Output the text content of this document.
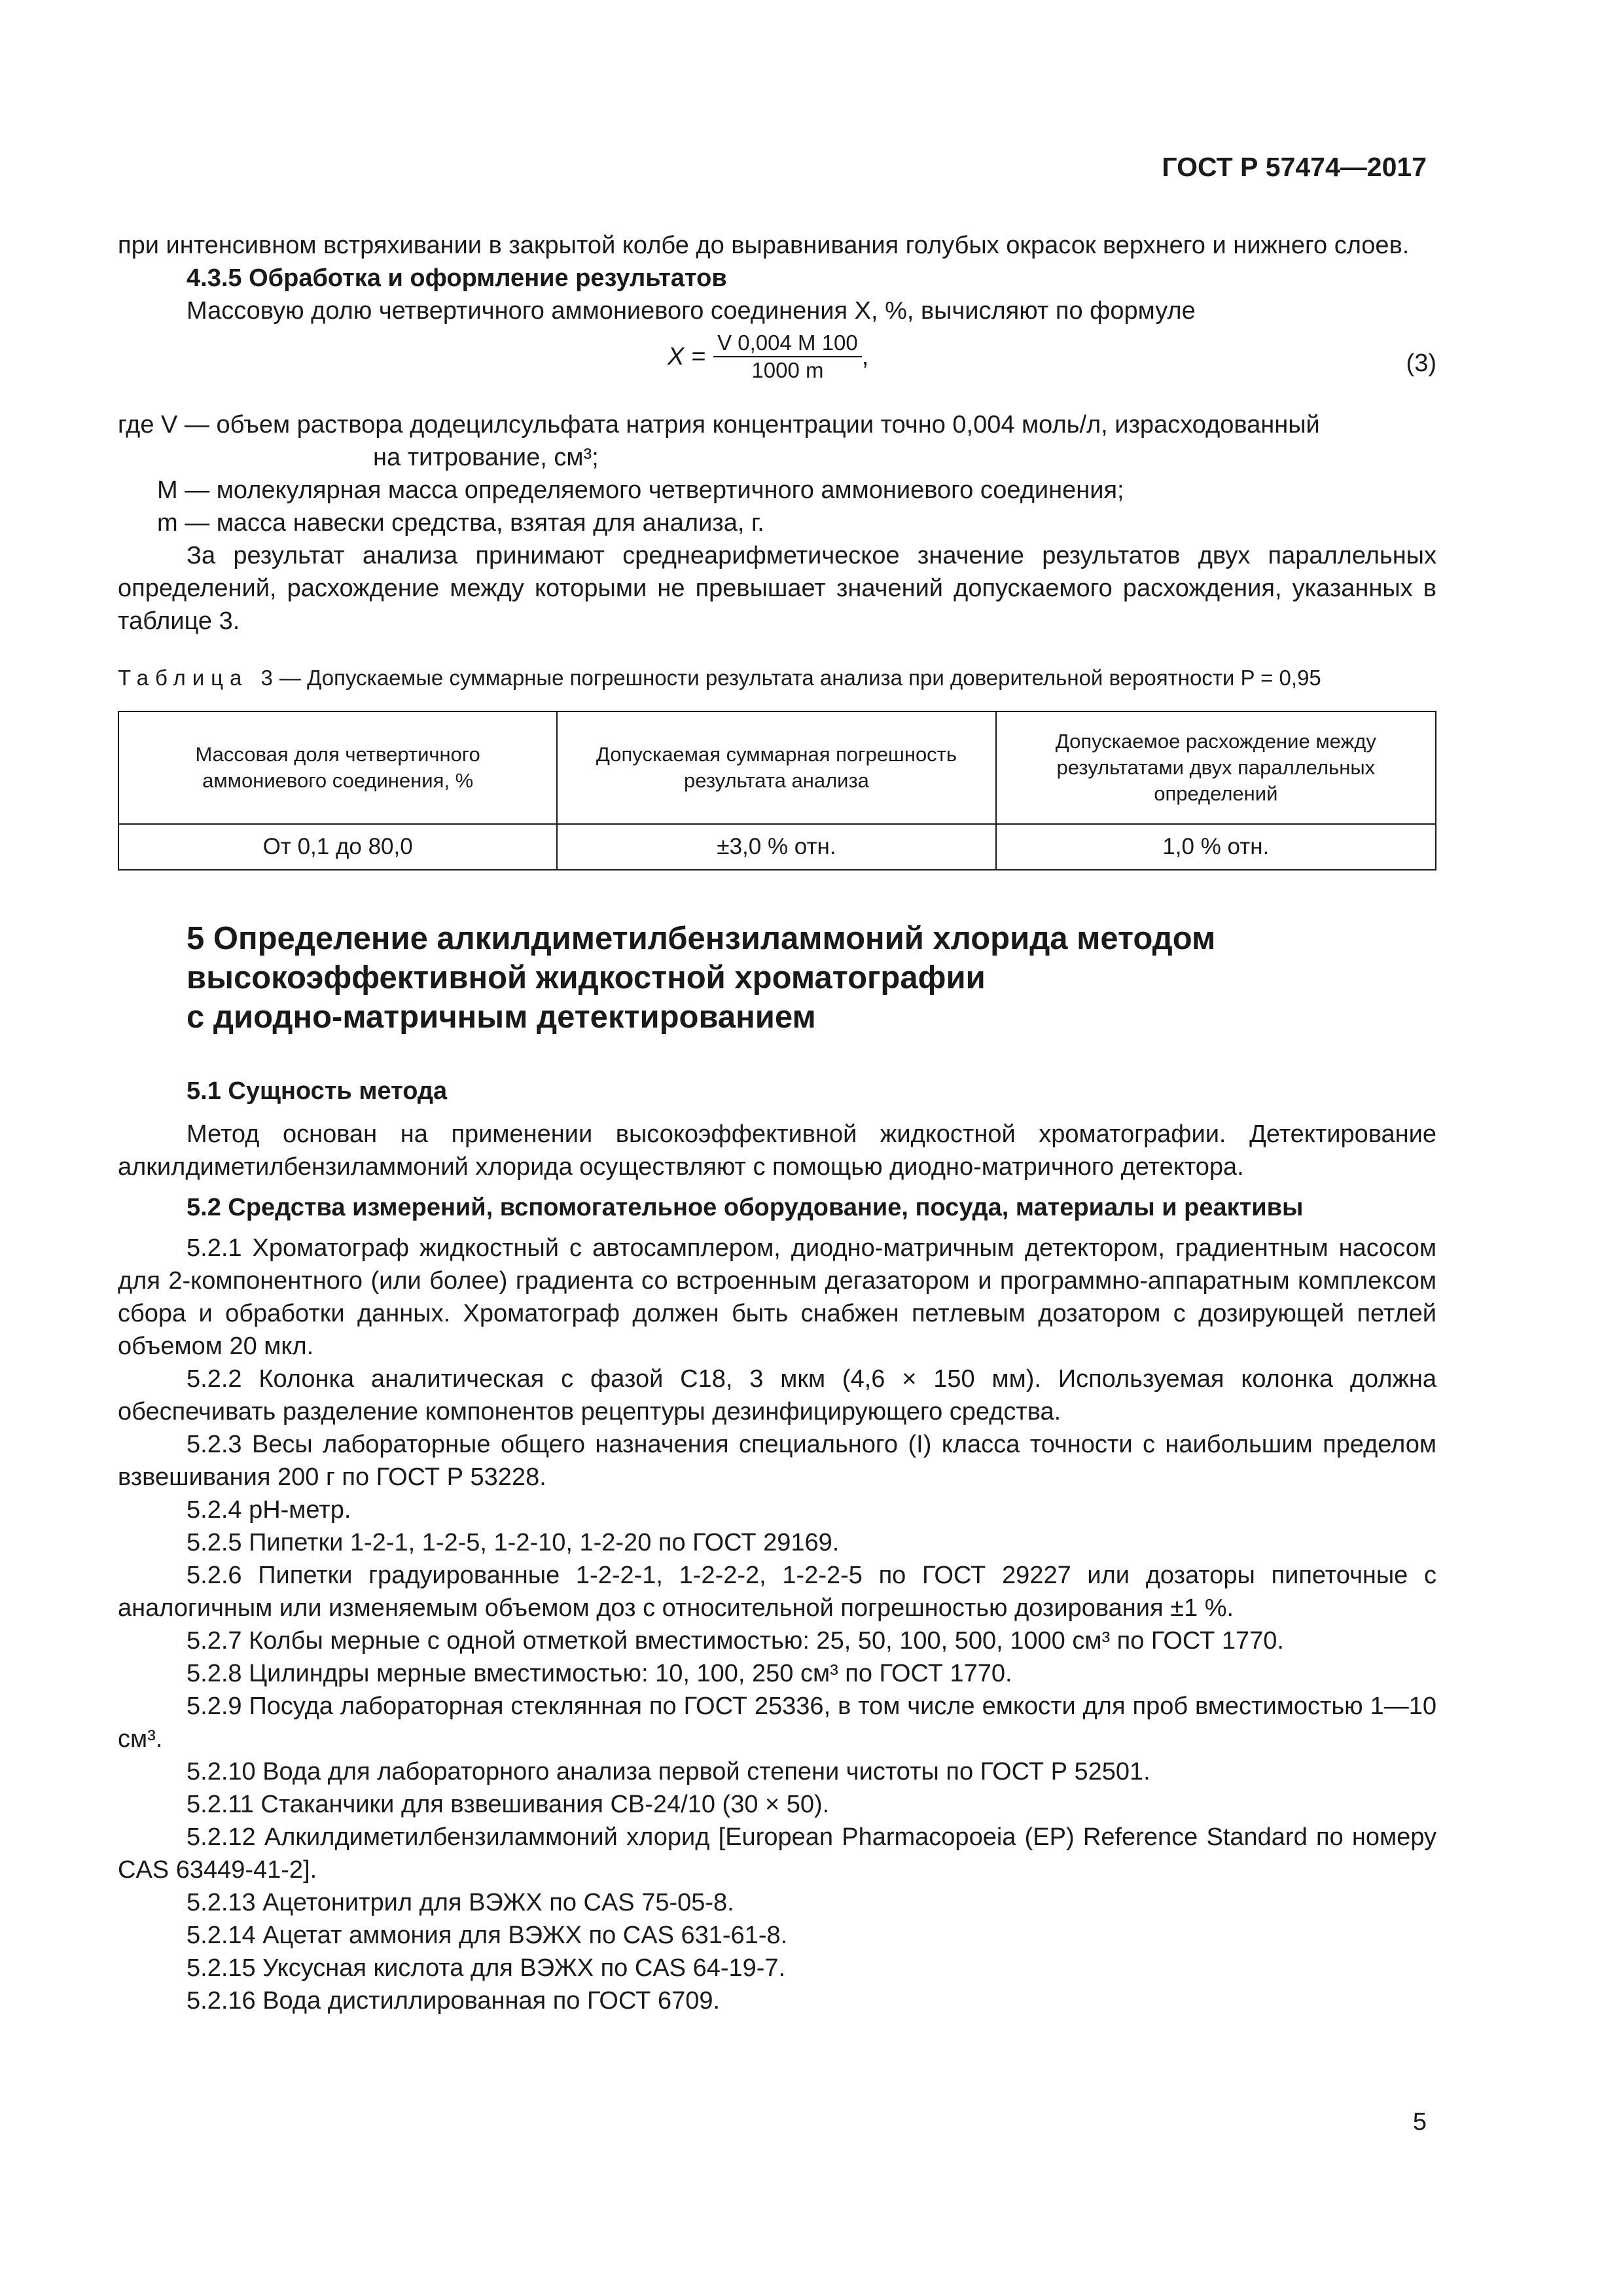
ГОСТ Р 57474—2017

при интенсивном встряхивании в закрытой колбе до выравнивания голубых окрасок верхнего и нижнего слоев.

4.3.5 Обработка и оформление результатов

Массовую долю четвертичного аммониевого соединения X, %, вычисляют по формуле

$X = \frac{V 0,004 M 100}{1000 m}$ ,	(3)

где V — объем раствора додецилсульфата натрия концентрации точно 0,004 моль/л, израсходованный

на титрование, см³;

M — молекулярная масса определяемого четвертичного аммониевого соединения;

m — масса навески средства, взятая для анализа, г.

За результат анализа принимают среднеарифметическое значение результатов двух параллельных определений, расхождение между которыми не превышает значений допускаемого расхождения, указанных в таблице 3.

Таблица 3— Допускаемые суммарные погрешности результата анализа при доверительной вероятности P = 0,95

Массовая доля четвертичного аммониевого соединения, %	Допускаемая суммарная погрешность результата анализа	Допускаемое расхождение между результатами двух параллельных определений
От 0,1 до 80,0	±3,0 % отн.	1,0 % отн.
5 Определение алкилдиметилбензиламмоний хлорида методом
высокоэффективной жидкостной хроматографии
с диодно-матричным детектированием

5.1 Сущность метода

Метод основан на применении высокоэффективной жидкостной хроматографии. Детектирование алкилдиметилбензиламмоний хлорида осуществляют с помощью диодно-матричного детектора.

5.2 Средства измерений, вспомогательное оборудование, посуда, материалы и реактивы

5.2.1 Хроматограф жидкостный с автосамплером, диодно-матричным детектором, градиентным насосом для 2-компонентного (или более) градиента со встроенным дегазатором и программно-аппаратным комплексом сбора и обработки данных. Хроматограф должен быть снабжен петлевым дозатором с дозирующей петлей объемом 20 мкл.

5.2.2 Колонка аналитическая с фазой С18, 3 мкм (4,6 × 150 мм). Используемая колонка должна обеспечивать разделение компонентов рецептуры дезинфицирующего средства.

5.2.3 Весы лабораторные общего назначения специального (I) класса точности с наибольшим пределом взвешивания 200 г по ГОСТ Р 53228.

5.2.4 pH-метр.

5.2.5 Пипетки 1-2-1, 1-2-5, 1-2-10, 1-2-20 по ГОСТ 29169.

5.2.6 Пипетки градуированные 1-2-2-1, 1-2-2-2, 1-2-2-5 по ГОСТ 29227 или дозаторы пипеточные с аналогичным или изменяемым объемом доз с относительной погрешностью дозирования ±1 %.

5.2.7 Колбы мерные с одной отметкой вместимостью: 25, 50, 100, 500, 1000 см³ по ГОСТ 1770.

5.2.8 Цилиндры мерные вместимостью: 10, 100, 250 см³ по ГОСТ 1770.

5.2.9 Посуда лабораторная стеклянная по ГОСТ 25336, в том числе емкости для проб вместимостью 1—10 см³.

5.2.10 Вода для лабораторного анализа первой степени чистоты по ГОСТ Р 52501.

5.2.11 Стаканчики для взвешивания СВ-24/10 (30 × 50).

5.2.12 Алкилдиметилбензиламмоний хлорид [European Pharmacopoeia (EP) Reference Standard по номеру CAS 63449-41-2].

5.2.13 Ацетонитрил для ВЭЖХ по CAS 75-05-8.

5.2.14 Ацетат аммония для ВЭЖХ по CAS 631-61-8.

5.2.15 Уксусная кислота для ВЭЖХ по CAS 64-19-7.

5.2.16 Вода дистиллированная по ГОСТ 6709.

5
